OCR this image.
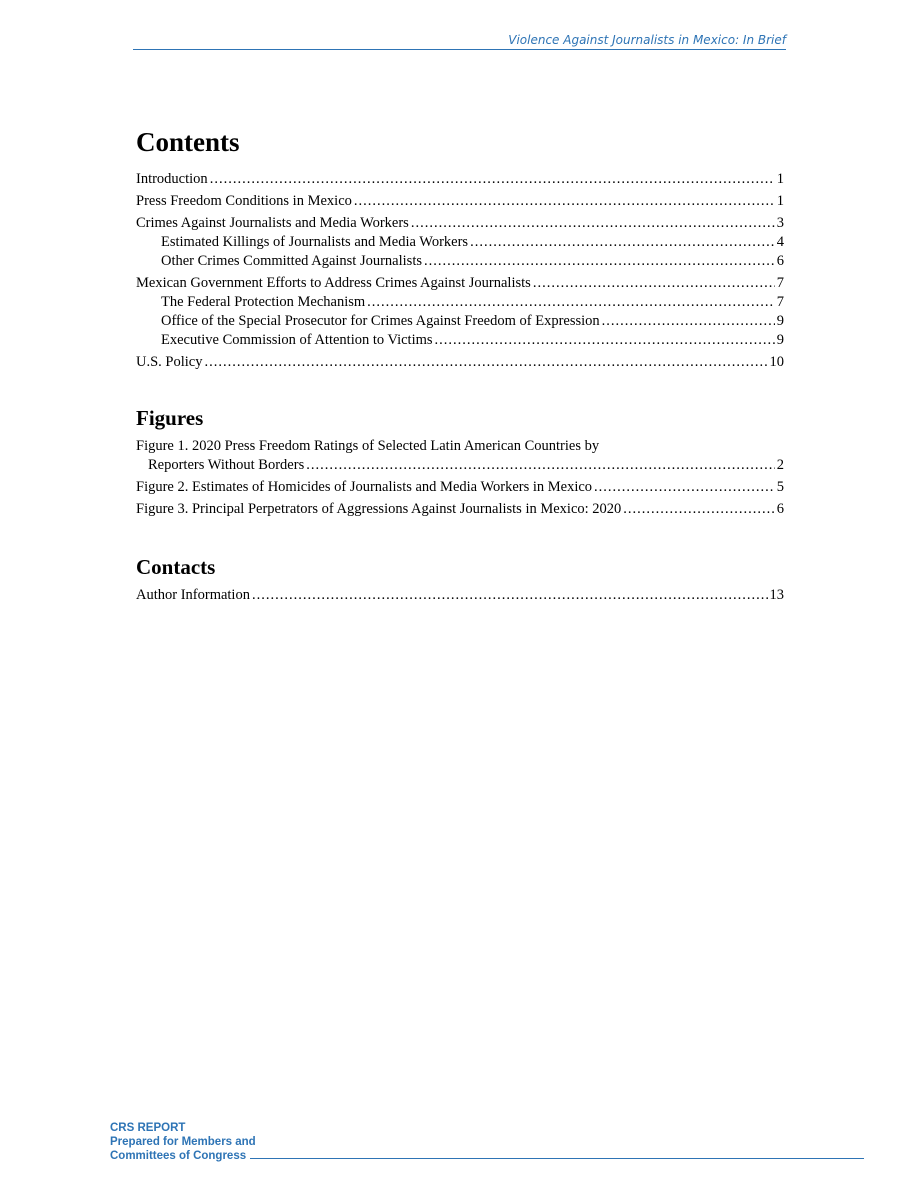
Violence Against Journalists in Mexico: In Brief
Contents
Introduction .....	1
Press Freedom Conditions in Mexico .....	1
Crimes Against Journalists and Media Workers .....	3
Estimated Killings of Journalists and Media Workers .....	4
Other Crimes Committed Against Journalists .....	6
Mexican Government Efforts to Address Crimes Against Journalists .....	7
The Federal Protection Mechanism .....	7
Office of the Special Prosecutor for Crimes Against Freedom of Expression .....	9
Executive Commission of Attention to Victims .....	9
U.S. Policy .....	10
Figures
Figure 1. 2020 Press Freedom Ratings of Selected Latin American Countries by
Reporters Without Borders .....	2
Figure 2. Estimates of Homicides of Journalists and Media Workers in Mexico .....	5
Figure 3. Principal Perpetrators of Aggressions Against Journalists in Mexico: 2020 .....	6
Contacts
Author Information .....	13
CRS REPORT
Prepared for Members and
Committees of Congress
